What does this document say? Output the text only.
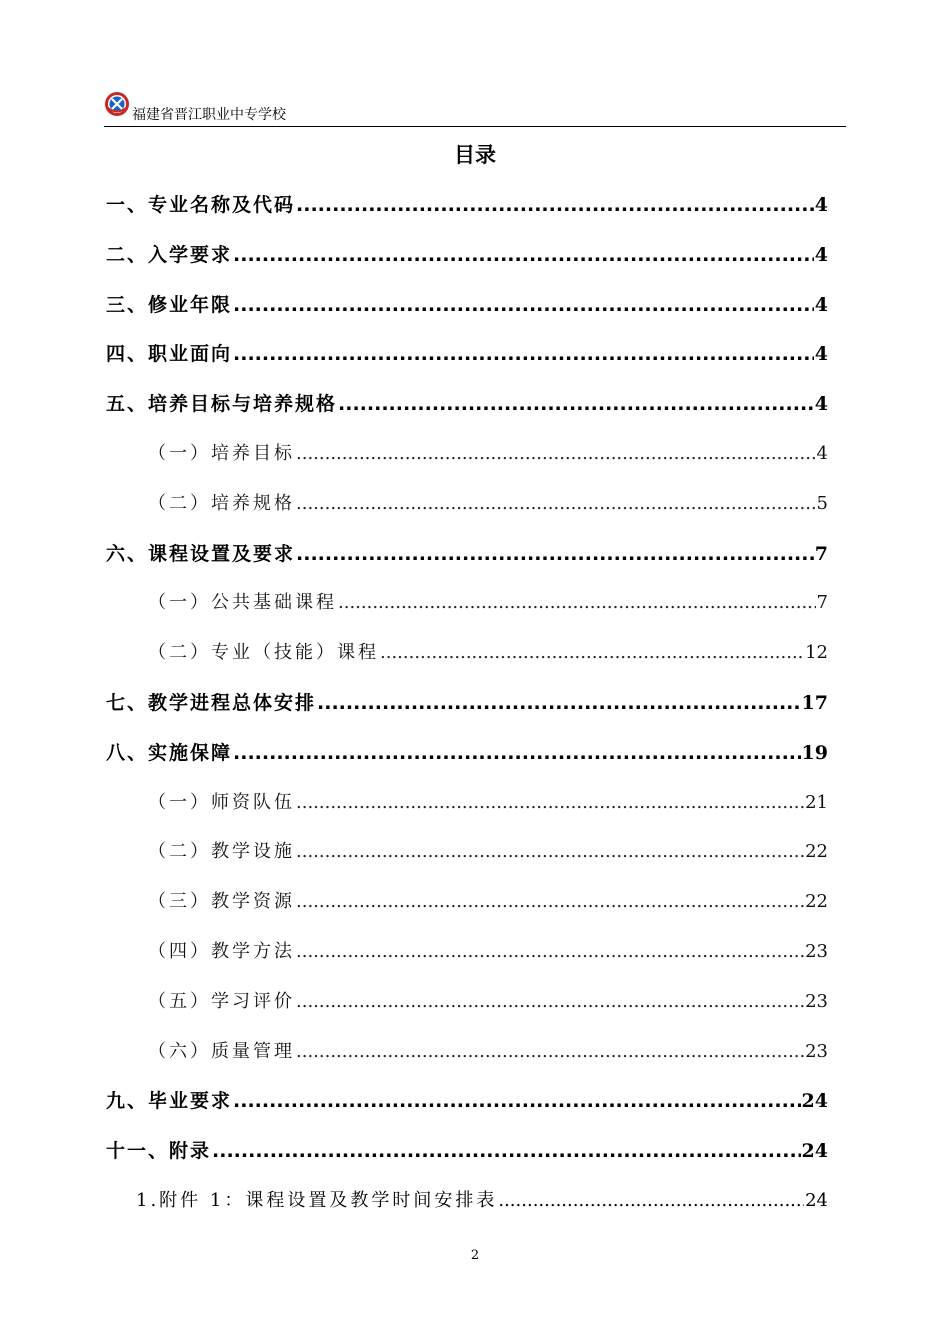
福建省晋江职业中专学校
目录
一、专业名称及代码 .....	4
二、入学要求 .....	4
三、修业年限 .....	4
四、职业面向 .....	4
五、培养目标与培养规格 .....	4
（一）培养目标 .....	4
（二）培养规格 .....	5
六、课程设置及要求 .....	7
（一）公共基础课程 .....	7
（二）专业（技能）课程 .....	12
七、教学进程总体安排 .....	17
八、实施保障 .....	19
（一）师资队伍 .....	21
（二）教学设施 .....	22
（三）教学资源 .....	22
（四）教学方法 .....	23
（五）学习评价 .....	23
（六）质量管理 .....	23
九、毕业要求 .....	24
十一、附录 .....	24
1.附件 1：课程设置及教学时间安排表 .....	24
2
